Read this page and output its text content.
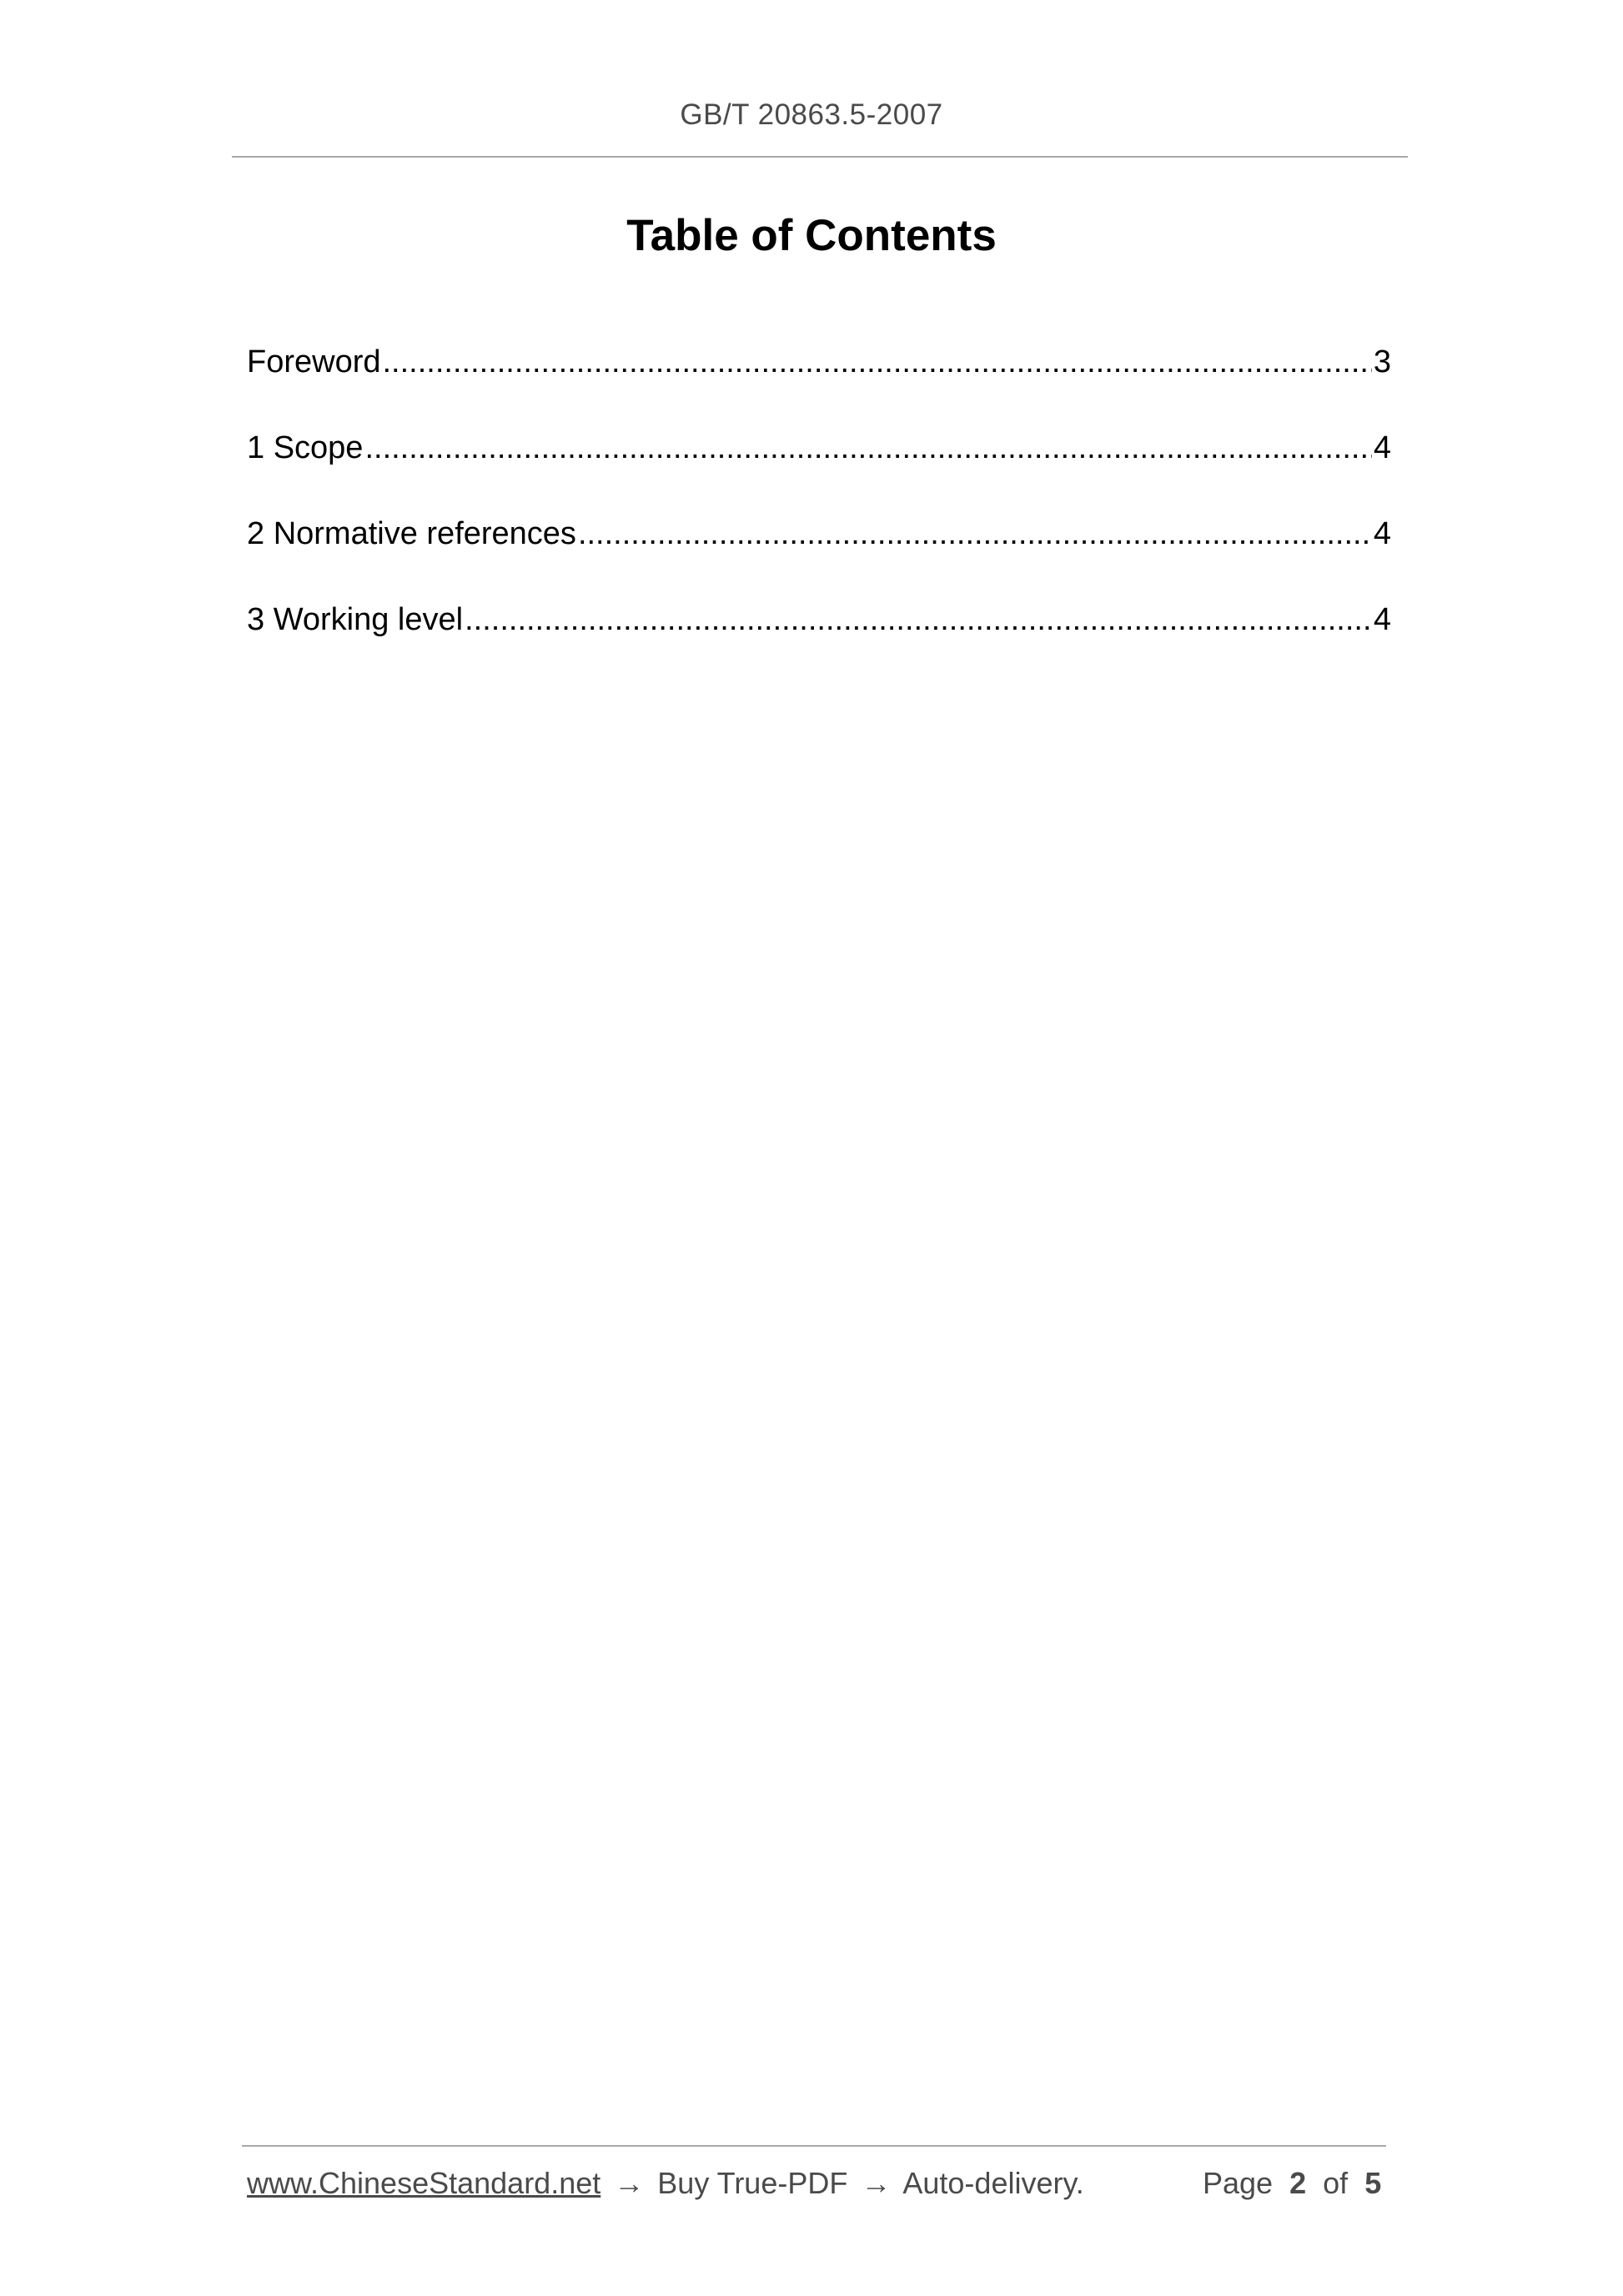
GB/T 20863.5-2007
Table of Contents
Foreword .....	3
1 Scope .....	4
2 Normative references .....	4
3 Working level .....	4
www.ChineseStandard.net → Buy True-PDF → Auto-delivery.	Page 2 of 5
